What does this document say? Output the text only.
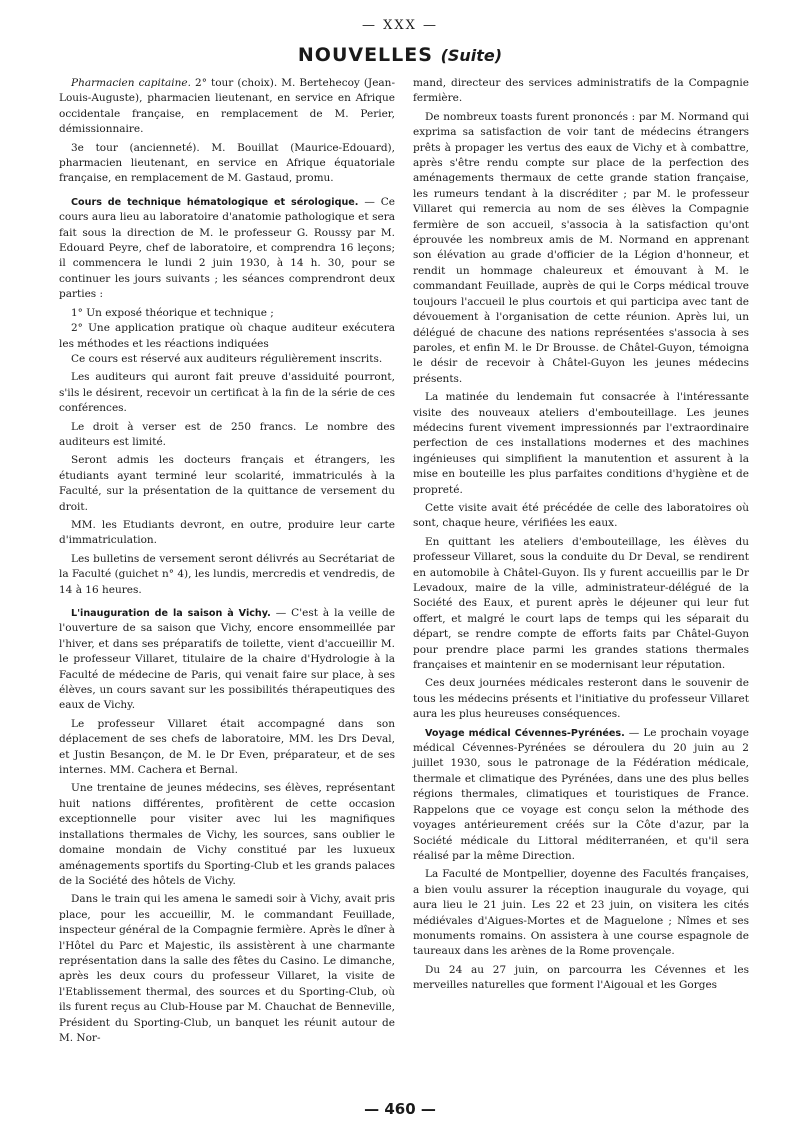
— XXX —
NOUVELLES (Suite)

Pharmacien capitaine. 2° tour (choix). M. Bertehecoy (Jean-Louis-Auguste), pharmacien lieutenant, en service en Afrique occidentale française, en remplacement de M. Perier, démissionnaire.

3e tour (ancienneté). M. Bouillat (Maurice-Edouard), pharmacien lieutenant, en service en Afrique équatoriale française, en remplacement de M. Gastaud, promu.

Cours de technique hématologique et sérologique. — Ce cours aura lieu au laboratoire d'anatomie pathologique et sera fait sous la direction de M. le professeur G. Roussy par M. Edouard Peyre, chef de laboratoire, et comprendra 16 leçons; il commencera le lundi 2 juin 1930, à 14 h. 30, pour se continuer les jours suivants ; les séances comprendront deux parties :

1° Un exposé théorique et technique ;

2° Une application pratique où chaque auditeur exécutera les méthodes et les réactions indiquées

Ce cours est réservé aux auditeurs régulièrement inscrits.

Les auditeurs qui auront fait preuve d'assiduité pourront, s'ils le désirent, recevoir un certificat à la fin de la série de ces conférences.

Le droit à verser est de 250 francs. Le nombre des auditeurs est limité.

Seront admis les docteurs français et étrangers, les étudiants ayant terminé leur scolarité, immatriculés à la Faculté, sur la présentation de la quittance de versement du droit.

MM. les Etudiants devront, en outre, produire leur carte d'immatriculation.

Les bulletins de versement seront délivrés au Secrétariat de la Faculté (guichet n° 4), les lundis, mercredis et vendredis, de 14 à 16 heures.

L'inauguration de la saison à Vichy. — C'est à la veille de l'ouverture de sa saison que Vichy, encore ensommeillée par l'hiver, et dans ses préparatifs de toilette, vient d'accueillir M. le professeur Villaret, titulaire de la chaire d'Hydrologie à la Faculté de médecine de Paris, qui venait faire sur place, à ses élèves, un cours savant sur les possibilités thérapeutiques des eaux de Vichy.

Le professeur Villaret était accompagné dans son déplacement de ses chefs de laboratoire, MM. les Drs Deval, et Justin Besançon, de M. le Dr Even, préparateur, et de ses internes. MM. Cachera et Bernal.

Une trentaine de jeunes médecins, ses élèves, représentant huit nations différentes, profitèrent de cette occasion exceptionnelle pour visiter avec lui les magnifiques installations thermales de Vichy, les sources, sans oublier le domaine mondain de Vichy constitué par les luxueux aménagements sportifs du Sporting-Club et les grands palaces de la Société des hôtels de Vichy.

Dans le train qui les amena le samedi soir à Vichy, avait pris place, pour les accueillir, M. le commandant Feuillade, inspecteur général de la Compagnie fermière. Après le dîner à l'Hôtel du Parc et Majestic, ils assistèrent à une charmante représentation dans la salle des fêtes du Casino. Le dimanche, après les deux cours du professeur Villaret, la visite de l'Etablissement thermal, des sources et du Sporting-Club, où ils furent reçus au Club-House par M. Chauchat de Benneville, Président du Sporting-Club, un banquet les réunit autour de M. Nor-

mand, directeur des services administratifs de la Compagnie fermière.

De nombreux toasts furent prononcés : par M. Normand qui exprima sa satisfaction de voir tant de médecins étrangers prêts à propager les vertus des eaux de Vichy et à combattre, après s'être rendu compte sur place de la perfection des aménagements thermaux de cette grande station française, les rumeurs tendant à la discréditer ; par M. le professeur Villaret qui remercia au nom de ses élèves la Compagnie fermière de son accueil, s'associa à la satisfaction qu'ont éprouvée les nombreux amis de M. Normand en apprenant son élévation au grade d'officier de la Légion d'honneur, et rendit un hommage chaleureux et émouvant à M. le commandant Feuillade, auprès de qui le Corps médical trouve toujours l'accueil le plus courtois et qui participa avec tant de dévouement à l'organisation de cette réunion. Après lui, un délégué de chacune des nations représentées s'associa à ses paroles, et enfin M. le Dr Brousse. de Châtel-Guyon, témoigna le désir de recevoir à Châtel-Guyon les jeunes médecins présents.

La matinée du lendemain fut consacrée à l'intéressante visite des nouveaux ateliers d'embouteillage. Les jeunes médecins furent vivement impressionnés par l'extraordinaire perfection de ces installations modernes et des machines ingénieuses qui simplifient la manutention et assurent à la mise en bouteille les plus parfaites conditions d'hygiène et de propreté.

Cette visite avait été précédée de celle des laboratoires où sont, chaque heure, vérifiées les eaux.

En quittant les ateliers d'embouteillage, les élèves du professeur Villaret, sous la conduite du Dr Deval, se rendirent en automobile à Châtel-Guyon. Ils y furent accueillis par le Dr Levadoux, maire de la ville, administrateur-délégué de la Société des Eaux, et purent après le déjeuner qui leur fut offert, et malgré le court laps de temps qui les séparait du départ, se rendre compte de efforts faits par Châtel-Guyon pour prendre place parmi les grandes stations thermales françaises et maintenir en se modernisant leur réputation.

Ces deux journées médicales resteront dans le souvenir de tous les médecins présents et l'initiative du professeur Villaret aura les plus heureuses conséquences.

Voyage médical Cévennes-Pyrénées. — Le prochain voyage médical Cévennes-Pyrénées se déroulera du 20 juin au 2 juillet 1930, sous le patronage de la Fédération médicale, thermale et climatique des Pyrénées, dans une des plus belles régions thermales, climatiques et touristiques de France. Rappelons que ce voyage est conçu selon la méthode des voyages antérieurement créés sur la Côte d'azur, par la Société médicale du Littoral méditerranéen, et qu'il sera réalisé par la même Direction.

La Faculté de Montpellier, doyenne des Facultés françaises, a bien voulu assurer la réception inaugurale du voyage, qui aura lieu le 21 juin. Les 22 et 23 juin, on visitera les cités médiévales d'Aigues-Mortes et de Maguelone ; Nîmes et ses monuments romains. On assistera à une course espagnole de taureaux dans les arènes de la Rome provençale.

Du 24 au 27 juin, on parcourra les Cévennes et les merveilles naturelles que forment l'Aigoual et les Gorges

— 460 —
